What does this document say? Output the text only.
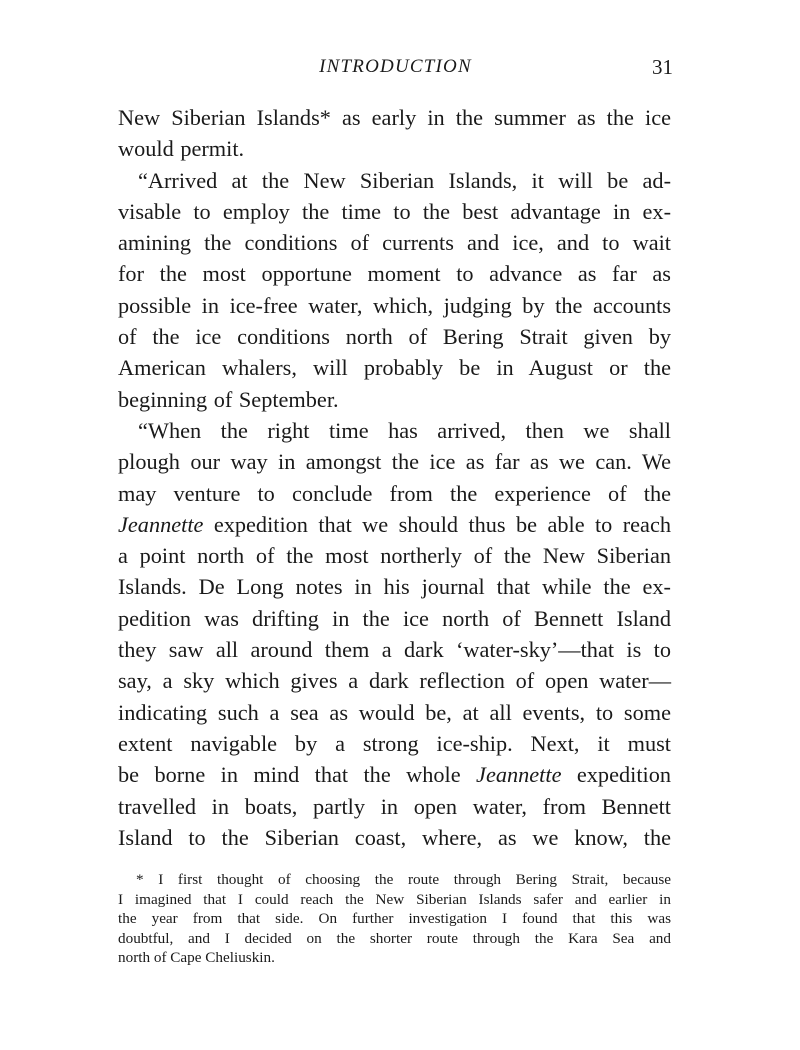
INTRODUCTION	31
New Siberian Islands* as early in the summer as the ice
would permit.
“Arrived at the New Siberian Islands, it will be ad-
visable to employ the time to the best advantage in ex-
amining the conditions of currents and ice, and to wait
for the most opportune moment to advance as far as
possible in ice-free water, which, judging by the accounts
of the ice conditions north of Bering Strait given by
American whalers, will probably be in August or the
beginning of September.
“When the right time has arrived, then we shall
plough our way in amongst the ice as far as we can. We
may venture to conclude from the experience of the
Jeannette expedition that we should thus be able to reach
a point north of the most northerly of the New Siberian
Islands. De Long notes in his journal that while the ex-
pedition was drifting in the ice north of Bennett Island
they saw all around them a dark ‘water-sky’—that is to
say, a sky which gives a dark reflection of open water—
indicating such a sea as would be, at all events, to some
extent navigable by a strong ice-ship. Next, it must
be borne in mind that the whole Jeannette expedition
travelled in boats, partly in open water, from Bennett
Island to the Siberian coast, where, as we know, the
* I first thought of choosing the route through Bering Strait, because
I imagined that I could reach the New Siberian Islands safer and earlier in
the year from that side. On further investigation I found that this was
doubtful, and I decided on the shorter route through the Kara Sea and
north of Cape Cheliuskin.
